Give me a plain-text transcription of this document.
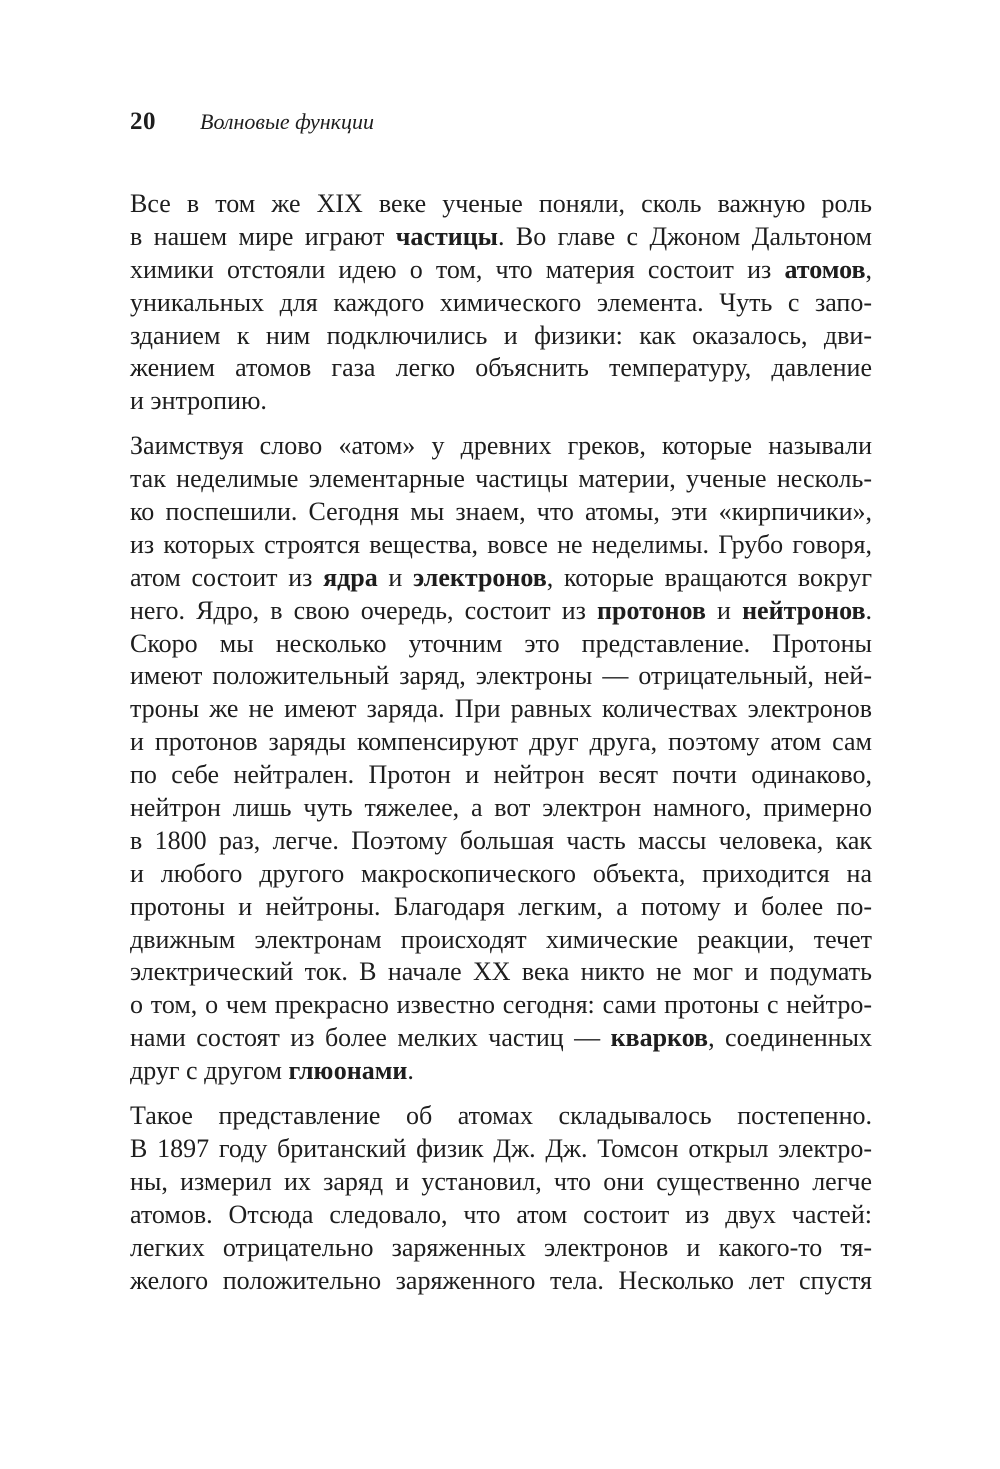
20 Волновые функции
Все в том же XIX веке ученые поняли, сколь важную роль
в нашем мире играют частицы. Во главе с Джоном Дальтоном
химики отстояли идею о том, что материя состоит из атомов,
уникальных для каждого химического элемента. Чуть с запо-
зданием к ним подключились и физики: как оказалось, дви-
жением атомов газа легко объяснить температуру, давление
и энтропию.
Заимствуя слово «атом» у древних греков, которые называли
так неделимые элементарные частицы материи, ученые несколь-
ко поспешили. Сегодня мы знаем, что атомы, эти «кирпичики»,
из которых строятся вещества, вовсе не неделимы. Грубо говоря,
атом состоит из ядра и электронов, которые вращаются вокруг
него. Ядро, в свою очередь, состоит из протонов и нейтронов.
Скоро мы несколько уточним это представление. Протоны
имеют положительный заряд, электроны — отрицательный, ней-
троны же не имеют заряда. При равных количествах электронов
и протонов заряды компенсируют друг друга, поэтому атом сам
по себе нейтрален. Протон и нейтрон весят почти одинаково,
нейтрон лишь чуть тяжелее, а вот электрон намного, примерно
в 1800 раз, легче. Поэтому большая часть массы человека, как
и любого другого макроскопического объекта, приходится на
протоны и нейтроны. Благодаря легким, а потому и более по-
движным электронам происходят химические реакции, течет
электрический ток. В начале XX века никто не мог и подумать
о том, о чем прекрасно известно сегодня: сами протоны с нейтро-
нами состоят из более мелких частиц — кварков, соединенных
друг с другом глюонами.
Такое представление об атомах складывалось постепенно.
В 1897 году британский физик Дж. Дж. Томсон открыл электро-
ны, измерил их заряд и установил, что они существенно легче
атомов. Отсюда следовало, что атом состоит из двух частей:
легких отрицательно заряженных электронов и какого-то тя-
желого положительно заряженного тела. Несколько лет спустя
